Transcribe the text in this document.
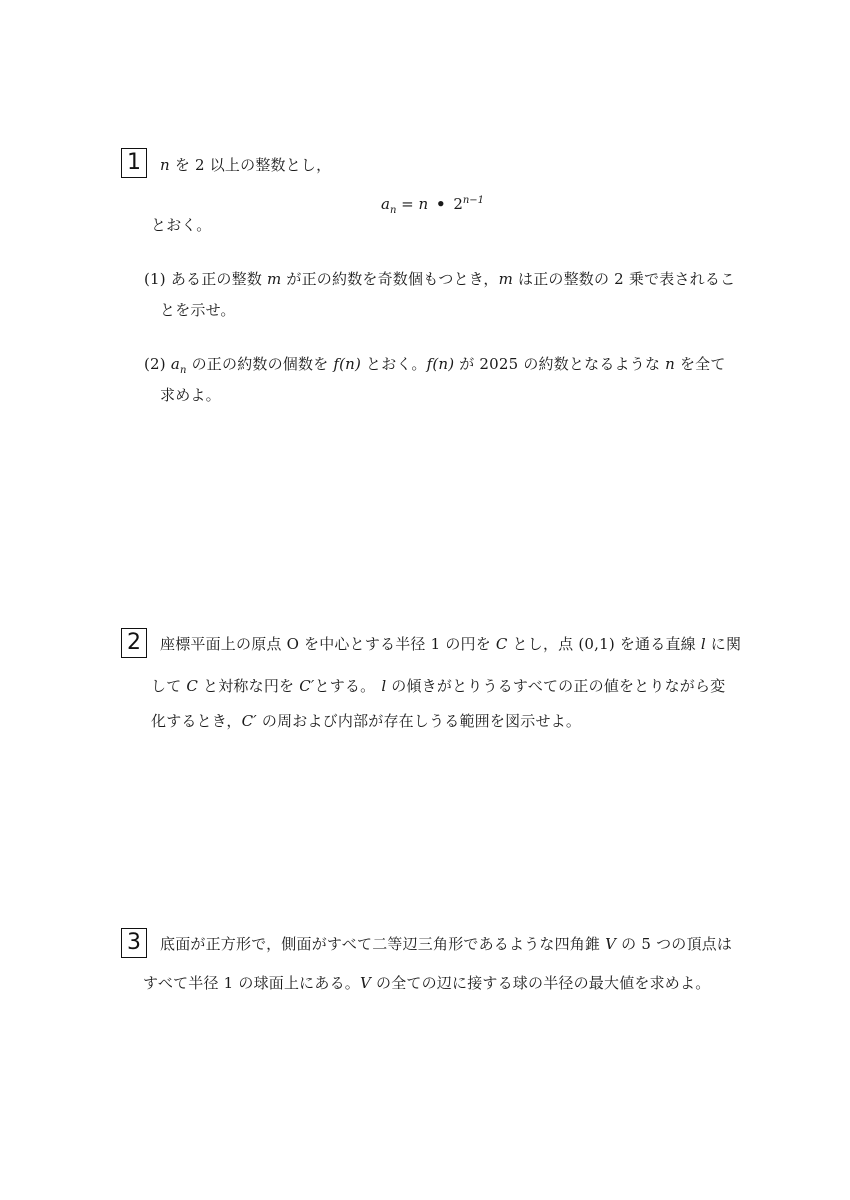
1 n を 2 以上の整数とし，
$a_n = n$ • $2^{n-1}$
とおく。
(1) ある正の整数 m が正の約数を奇数個もつとき，m は正の整数の 2 乗で表されるこ
とを示せ。
(2) $a_n$ の正の約数の個数を f(n) とおく。f(n) が 2025 の約数となるような n を全て
求めよ。
2 座標平面上の原点 O を中心とする半径 1 の円を C とし，点 (0,1) を通る直線 l に関
して C と対称な円を C′とする。 l の傾きがとりうるすべての正の値をとりながら変
化するとき，C′ の周および内部が存在しうる範囲を図示せよ。
3 底面が正方形で，側面がすべて二等辺三角形であるような四角錐 V の 5 つの頂点は
すべて半径 1 の球面上にある。V の全ての辺に接する球の半径の最大値を求めよ。
